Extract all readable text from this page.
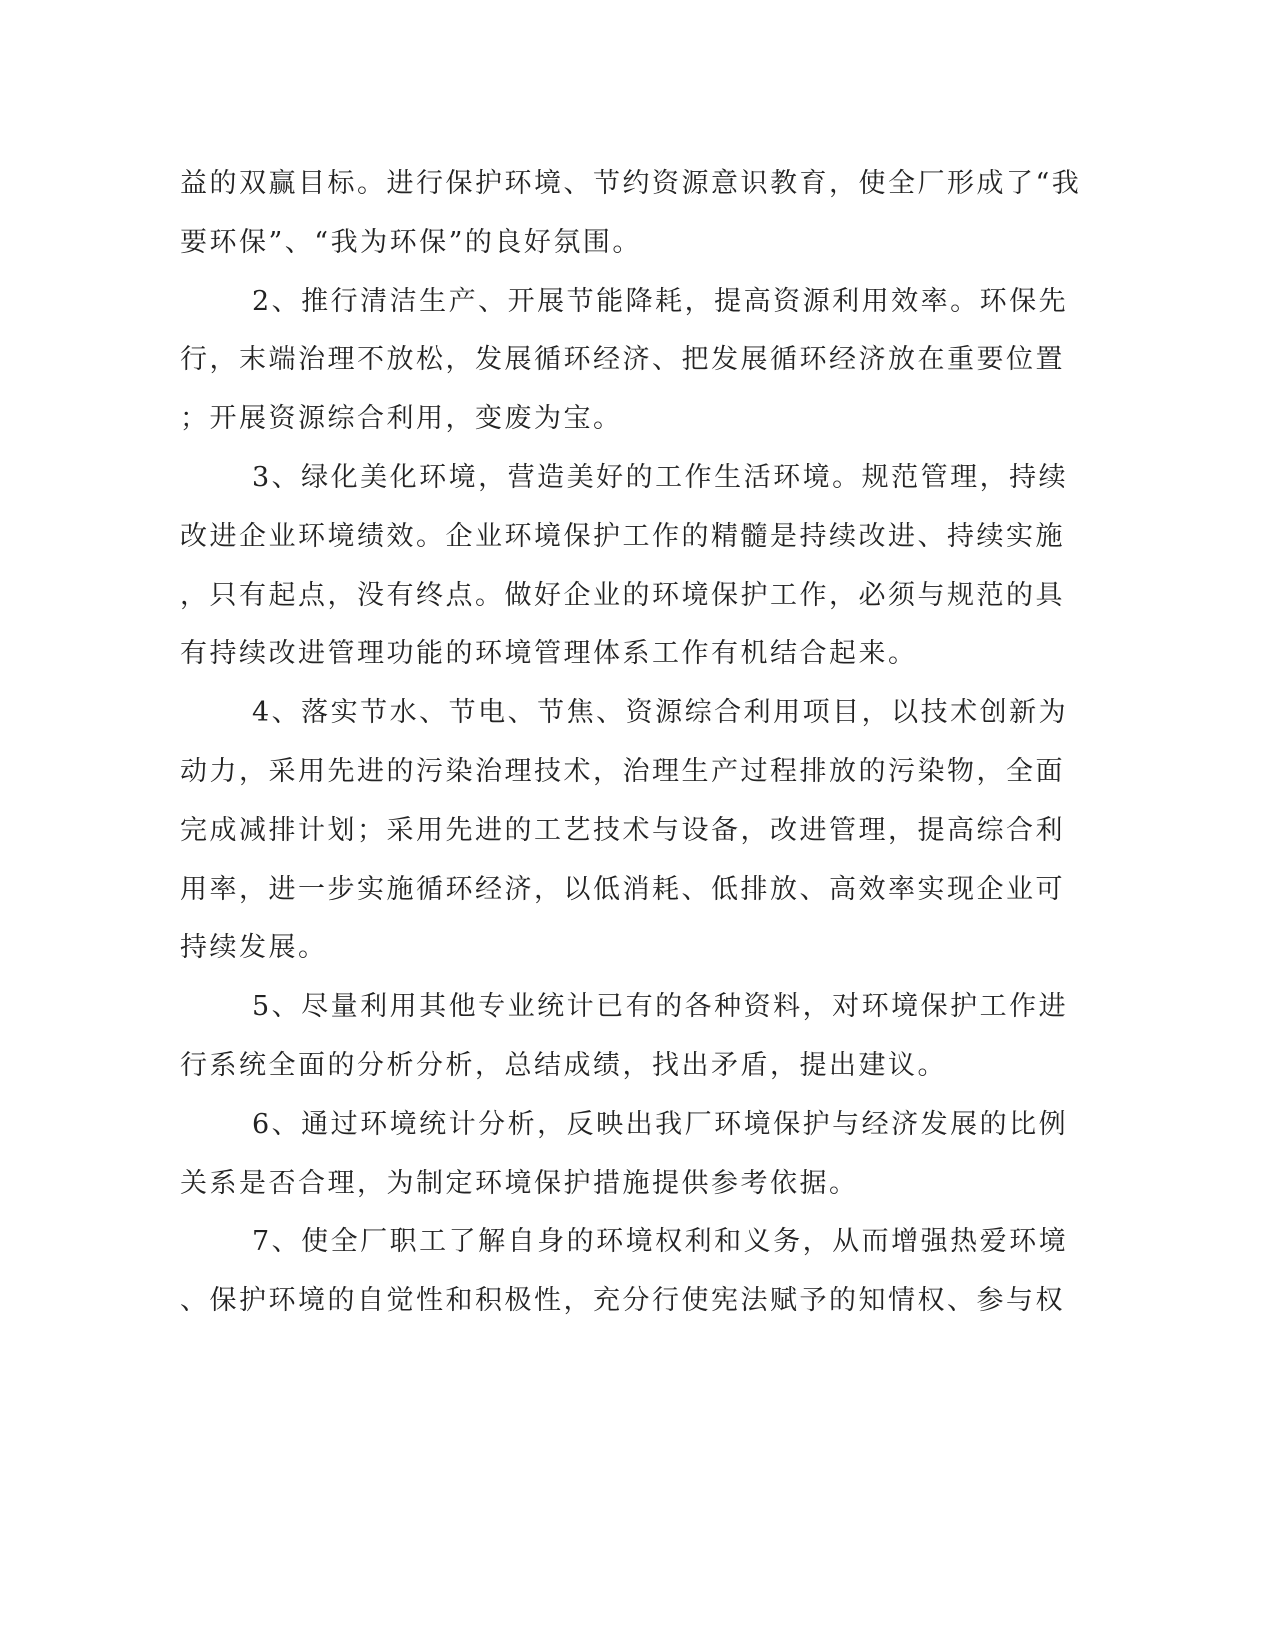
益的双赢目标。进行保护环境、节约资源意识教育，使全厂形成了“我
要环保”、“我为环保”的良好氛围。
2、推行清洁生产、开展节能降耗，提高资源利用效率。环保先
行，末端治理不放松，发展循环经济、把发展循环经济放在重要位置
；开展资源综合利用，变废为宝。
3、绿化美化环境，营造美好的工作生活环境。规范管理，持续
改进企业环境绩效。企业环境保护工作的精髓是持续改进、持续实施
，只有起点，没有终点。做好企业的环境保护工作，必须与规范的具
有持续改进管理功能的环境管理体系工作有机结合起来。
4、落实节水、节电、节焦、资源综合利用项目，以技术创新为
动力，采用先进的污染治理技术，治理生产过程排放的污染物，全面
完成减排计划；采用先进的工艺技术与设备，改进管理，提高综合利
用率，进一步实施循环经济，以低消耗、低排放、高效率实现企业可
持续发展。
5、尽量利用其他专业统计已有的各种资料，对环境保护工作进
行系统全面的分析分析，总结成绩，找出矛盾，提出建议。
6、通过环境统计分析，反映出我厂环境保护与经济发展的比例
关系是否合理，为制定环境保护措施提供参考依据。
7、使全厂职工了解自身的环境权利和义务，从而增强热爱环境
、保护环境的自觉性和积极性，充分行使宪法赋予的知情权、参与权
